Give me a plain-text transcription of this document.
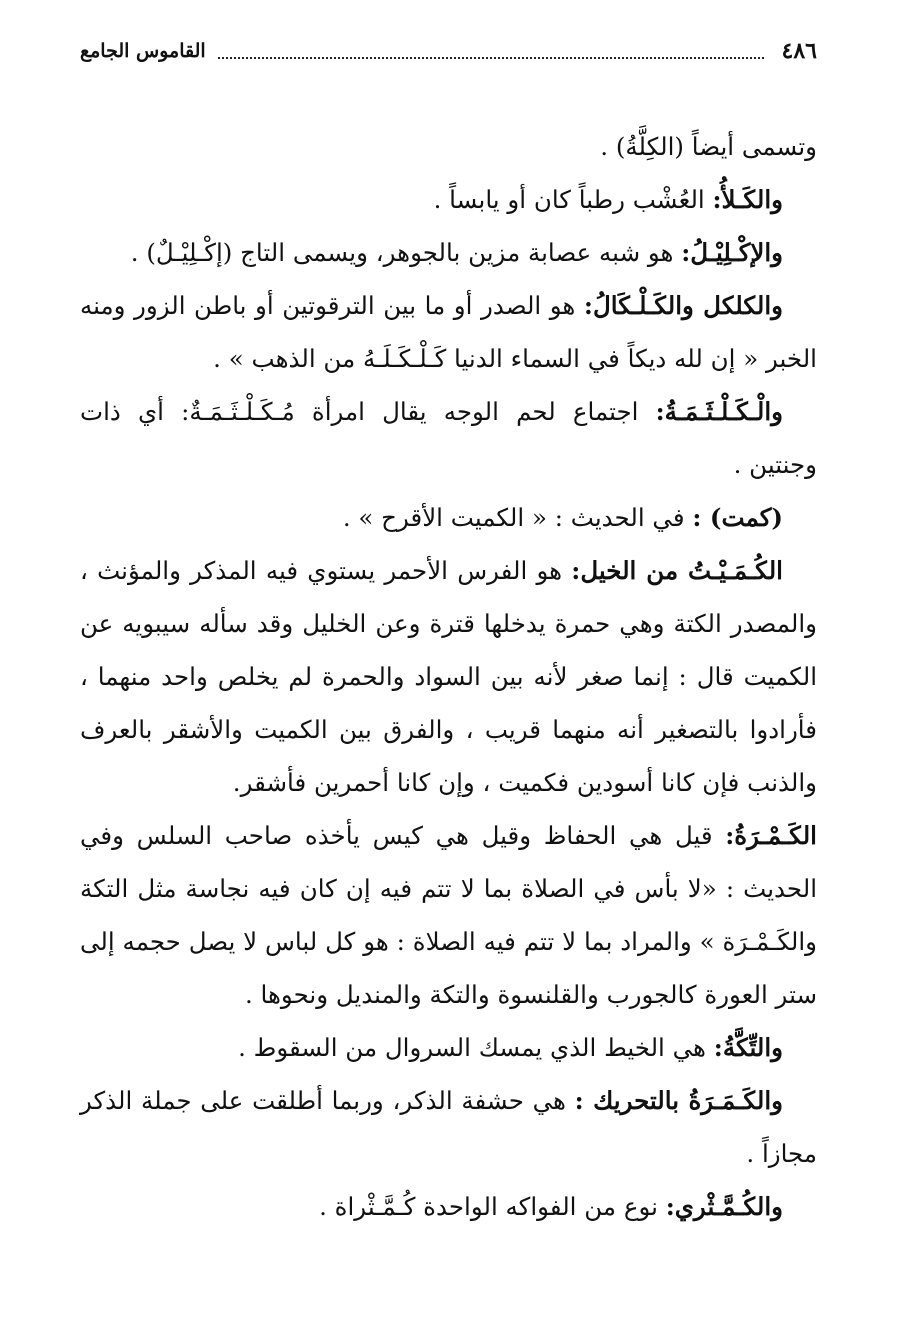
٤٨٦
القاموس الجامع

وتسمى أيضاً (الكِلَّةُ) .

والكَـلأُ: العُشْب رطباً كان أو يابساً .

والإكْـلِيْـلُ: هو شبه عصابة مزين بالجوهر، ويسمى التاج (إكْـلِيْـلٌ) .

والكلكل والكَـلْـكَالُ: هو الصدر أو ما بين الترقوتين أو باطن الزور ومنه الخبر « إن لله ديكاً في السماء الدنيا كَـلْـكَـلَـهُ من الذهب » .

والْـكَـلْـثَـمَـةُ: اجتماع لحم الوجه يقال امرأة مُـكَـلْـثَـمَـةٌ: أي ذات وجنتين .

(كمت) : في الحديث : « الكميت الأقرح » .

الكُـمَـيْـتُ من الخيل: هو الفرس الأحمر يستوي فيه المذكر والمؤنث ، والمصدر الكتة وهي حمرة يدخلها قترة وعن الخليل وقد سأله سيبويه عن الكميت قال : إنما صغر لأنه بين السواد والحمرة لم يخلص واحد منهما ، فأرادوا بالتصغير أنه منهما قريب ، والفرق بين الكميت والأشقر بالعرف والذنب فإن كانا أسودين فكميت ، وإن كانا أحمرين فأشقر.

الكَـمْـرَةُ: قيل هي الحفاظ وقيل هي كيس يأخذه صاحب السلس وفي الحديث : «لا بأس في الصلاة بما لا تتم فيه إن كان فيه نجاسة مثل التكة والكَـمْـرَة » والمراد بما لا تتم فيه الصلاة : هو كل لباس لا يصل حجمه إلى ستر العورة كالجورب والقلنسوة والتكة والمنديل ونحوها .

والتِّكَّةُ: هي الخيط الذي يمسك السروال من السقوط .

والكَـمَـرَةُ بالتحريك : هي حشفة الذكر، وربما أطلقت على جملة الذكر مجازاً .

والكُـمَّـثْري: نوع من الفواكه الواحدة كُـمَّـثْراة .
